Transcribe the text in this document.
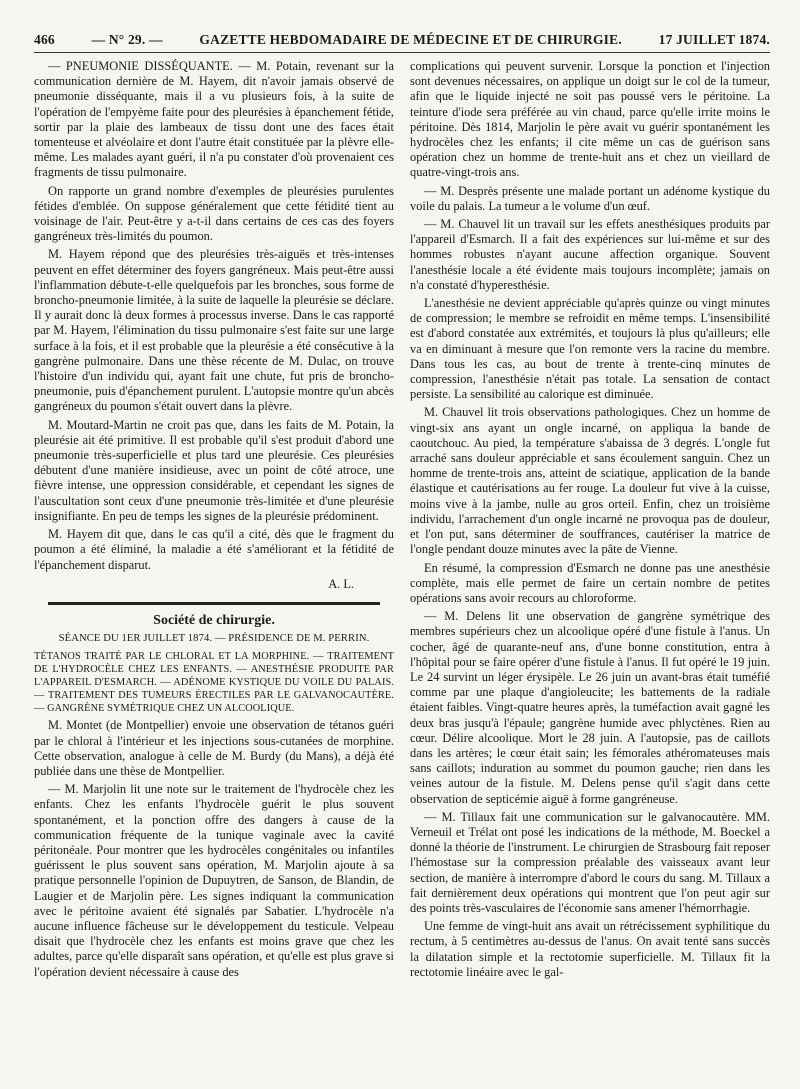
466	— N° 29. —	GAZETTE HEBDOMADAIRE DE MÉDECINE ET DE CHIRURGIE.	17 JUILLET 1874.

— PNEUMONIE DISSÉQUANTE. — M. Potain, revenant sur la communication dernière de M. Hayem, dit n'avoir jamais observé de pneumonie disséquante, mais il a vu plusieurs fois, à la suite de l'opération de l'empyème faite pour des pleurésies à épanchement fétide, sortir par la plaie des lambeaux de tissu dont une des faces était tomenteuse et alvéolaire et dont l'autre était constituée par la plèvre elle-même. Les malades ayant guéri, il n'a pu constater d'où provenaient ces fragments de tissu pulmonaire.

On rapporte un grand nombre d'exemples de pleurésies purulentes fétides d'emblée. On suppose généralement que cette fétidité tient au voisinage de l'air. Peut-être y a-t-il dans certains de ces cas des foyers gangréneux très-limités du poumon.

M. Hayem répond que des pleurésies très-aiguës et très-intenses peuvent en effet déterminer des foyers gangréneux. Mais peut-être aussi l'inflammation débute-t-elle quelquefois par les bronches, sous forme de broncho-pneumonie limitée, à la suite de laquelle la pleurésie se déclare. Il y aurait donc là deux formes à processus inverse. Dans le cas rapporté par M. Hayem, l'élimination du tissu pulmonaire s'est faite sur une large surface à la fois, et il est probable que la pleurésie a été consécutive à la gangrène pulmonaire. Dans une thèse récente de M. Dulac, on trouve l'histoire d'un individu qui, ayant fait une chute, fut pris de broncho-pneumonie, puis d'épanchement purulent. L'autopsie montre qu'un abcès gangréneux du poumon s'était ouvert dans la plèvre.

M. Moutard-Martin ne croit pas que, dans les faits de M. Potain, la pleurésie ait été primitive. Il est probable qu'il s'est produit d'abord une pneumonie très-superficielle et plus tard une pleurésie. Ces pleurésies débutent d'une manière insidieuse, avec un point de côté atroce, une fièvre intense, une oppression considérable, et cependant les signes de l'auscultation sont ceux d'une pneumonie très-limitée et d'une pleurésie insignifiante. En peu de temps les signes de la pleurésie prédominent.

M. Hayem dit que, dans le cas qu'il a cité, dès que le fragment du poumon a été éliminé, la maladie a été s'améliorant et la fétidité de l'épanchement disparut.

A. L.

Société de chirurgie.

SÉANCE DU 1ER JUILLET 1874. — PRÉSIDENCE DE M. PERRIN.

TÉTANOS TRAITÉ PAR LE CHLORAL ET LA MORPHINE. — TRAITEMENT DE L'HYDROCÈLE CHEZ LES ENFANTS. — ANESTHÉSIE PRODUITE PAR L'APPAREIL D'ESMARCH. — ADÉNOME KYSTIQUE DU VOILE DU PALAIS. — TRAITEMENT DES TUMEURS ÉRECTILES PAR LE GALVANOCAUTÈRE. — GANGRÈNE SYMÉTRIQUE CHEZ UN ALCOOLIQUE.

M. Montet (de Montpellier) envoie une observation de tétanos guéri par le chloral à l'intérieur et les injections sous-cutanées de morphine. Cette observation, analogue à celle de M. Burdy (du Mans), a déjà été publiée dans une thèse de Montpellier.

— M. Marjolin lit une note sur le traitement de l'hydrocèle chez les enfants. Chez les enfants l'hydrocèle guérit le plus souvent spontanément, et la ponction offre des dangers à cause de la communication fréquente de la tunique vaginale avec la cavité péritonéale. Pour montrer que les hydrocèles congénitales ou infantiles guérissent le plus souvent sans opération, M. Marjolin ajoute à sa pratique personnelle l'opinion de Dupuytren, de Sanson, de Blandin, de Laugier et de Marjolin père. Les signes indiquant la communication avec le péritoine avaient été signalés par Sabatier. L'hydrocèle n'a aucune influence fâcheuse sur le développement du testicule. Velpeau disait que l'hydrocèle chez les enfants est moins grave que chez les adultes, parce qu'elle disparaît sans opération, et qu'elle est plus grave si l'opération devient nécessaire à cause des

complications qui peuvent survenir. Lorsque la ponction et l'injection sont devenues nécessaires, on applique un doigt sur le col de la tumeur, afin que le liquide injecté ne soit pas poussé vers le péritoine. La teinture d'iode sera préférée au vin chaud, parce qu'elle irrite moins le péritoine. Dès 1814, Marjolin le père avait vu guérir spontanément les hydrocèles chez les enfants; il cite même un cas de guérison sans opération chez un homme de trente-huit ans et chez un vieillard de quatre-vingt-trois ans.

— M. Desprès présente une malade portant un adénome kystique du voile du palais. La tumeur a le volume d'un œuf.

— M. Chauvel lit un travail sur les effets anesthésiques produits par l'appareil d'Esmarch. Il a fait des expériences sur lui-même et sur des hommes robustes n'ayant aucune affection organique. Souvent l'anesthésie locale a été évidente mais toujours incomplète; jamais on n'a constaté d'hyperesthésie.

L'anesthésie ne devient appréciable qu'après quinze ou vingt minutes de compression; le membre se refroidit en même temps. L'insensibilité est d'abord constatée aux extrémités, et toujours là plus qu'ailleurs; elle va en diminuant à mesure que l'on remonte vers la racine du membre. Dans tous les cas, au bout de trente à trente-cinq minutes de compression, l'anesthésie n'était pas totale. La sensation de contact persiste. La sensibilité au calorique est diminuée.

M. Chauvel lit trois observations pathologiques. Chez un homme de vingt-six ans ayant un ongle incarné, on appliqua la bande de caoutchouc. Au pied, la température s'abaissa de 3 degrés. L'ongle fut arraché sans douleur appréciable et sans écoulement sanguin. Chez un homme de trente-trois ans, atteint de sciatique, application de la bande élastique et cautérisations au fer rouge. La douleur fut vive à la cuisse, moins vive à la jambe, nulle au gros orteil. Enfin, chez un troisième individu, l'arrachement d'un ongle incarné ne provoqua pas de douleur, et l'on put, sans déterminer de souffrances, cautériser la matrice de l'ongle pendant douze minutes avec la pâte de Vienne.

En résumé, la compression d'Esmarch ne donne pas une anesthésie complète, mais elle permet de faire un certain nombre de petites opérations sans avoir recours au chloroforme.

— M. Delens lit une observation de gangrène symétrique des membres supérieurs chez un alcoolique opéré d'une fistule à l'anus. Un cocher, âgé de quarante-neuf ans, d'une bonne constitution, entra à l'hôpital pour se faire opérer d'une fistule à l'anus. Il fut opéré le 19 juin. Le 24 survint un léger érysipèle. Le 26 juin un avant-bras était tuméfié comme par une plaque d'angioleucite; les battements de la radiale étaient faibles. Vingt-quatre heures après, la tuméfaction avait gagné les deux bras jusqu'à l'épaule; gangrène humide avec phlyctènes. Rien au cœur. Délire alcoolique. Mort le 28 juin. A l'autopsie, pas de caillots dans les artères; le cœur était sain; les fémorales athéromateuses mais sans caillots; induration au sommet du poumon gauche; rien dans les veines autour de la fistule. M. Delens pense qu'il s'agit dans cette observation de septicémie aiguë à forme gangréneuse.

— M. Tillaux fait une communication sur le galvanocautère. MM. Verneuil et Trélat ont posé les indications de la méthode, M. Boeckel a donné la théorie de l'instrument. Le chirurgien de Strasbourg fait reposer l'hémostase sur la compression préalable des vaisseaux avant leur section, de manière à interrompre d'abord le cours du sang. M. Tillaux a fait dernièrement deux opérations qui montrent que l'on peut agir sur des points très-vasculaires de l'économie sans amener l'hémorrhagie.

Une femme de vingt-huit ans avait un rétrécissement syphilitique du rectum, à 5 centimètres au-dessus de l'anus. On avait tenté sans succès la dilatation simple et la rectotomie superficielle. M. Tillaux fit la rectotomie linéaire avec le gal-
